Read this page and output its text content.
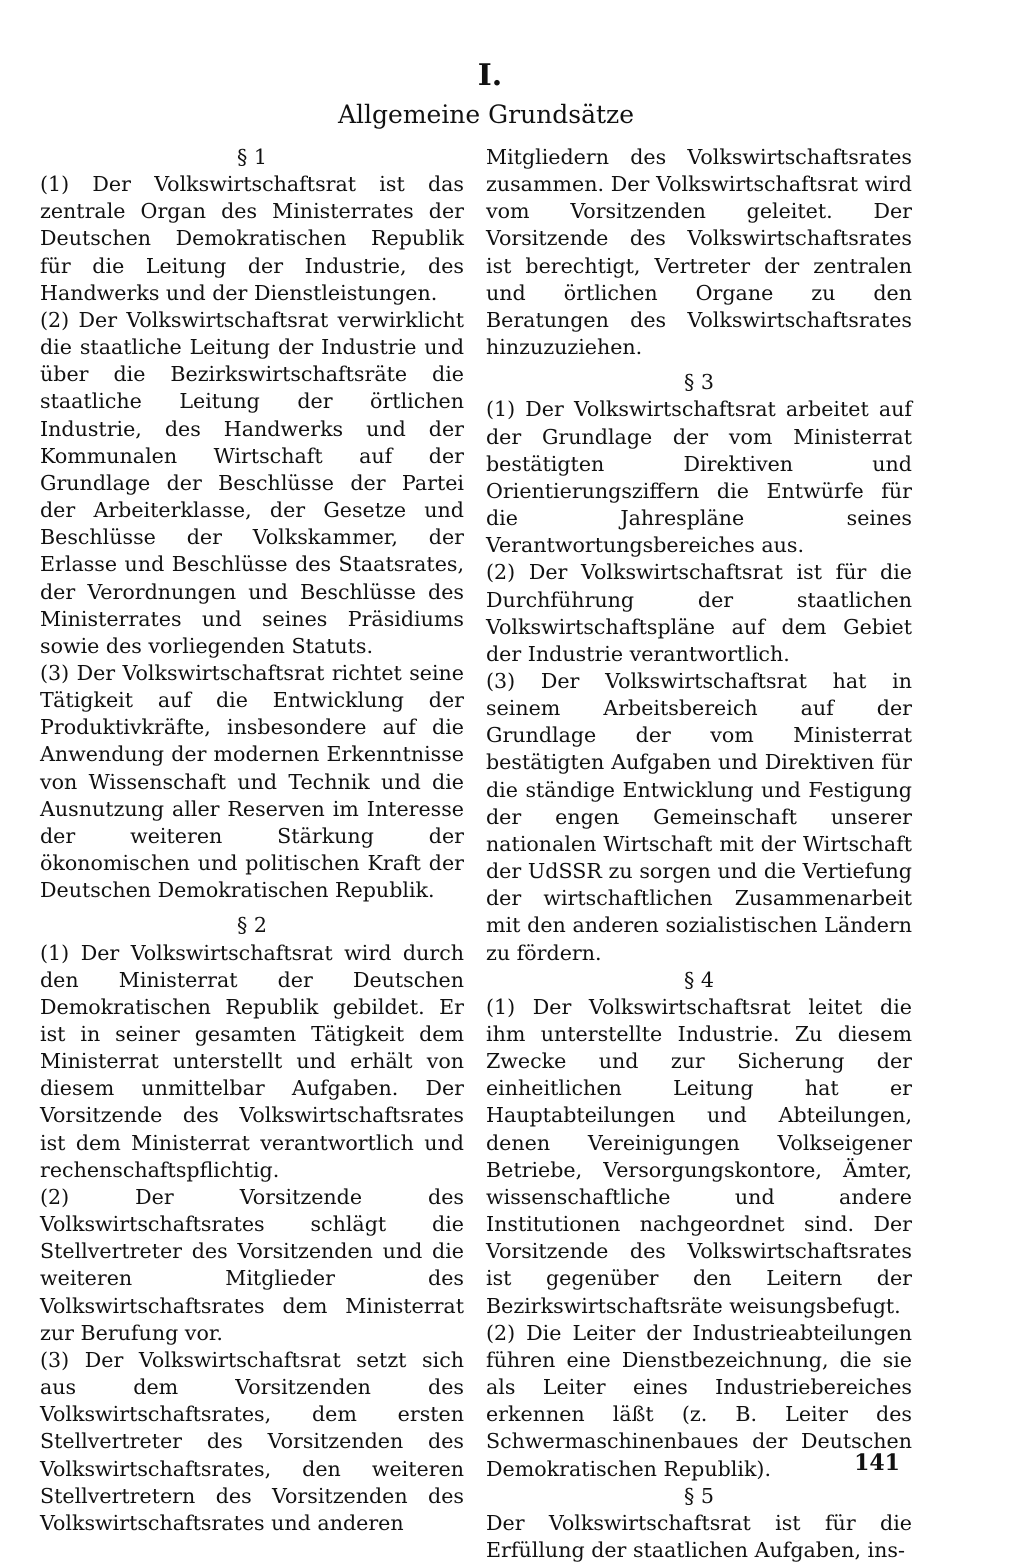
I.
Allgemeine Grundsätze

§ 1

(1) Der Volkswirtschaftsrat ist das zentrale Organ des Ministerrates der Deutschen Demokratischen Republik für die Leitung der Industrie, des Handwerks und der Dienstleistungen.

(2) Der Volkswirtschaftsrat verwirklicht die staatliche Leitung der Industrie und über die Bezirkswirtschaftsräte die staatliche Leitung der örtlichen Industrie, des Handwerks und der Kommunalen Wirtschaft auf der Grundlage der Beschlüsse der Partei der Arbeiterklasse, der Gesetze und Beschlüsse der Volkskammer, der Erlasse und Beschlüsse des Staatsrates, der Verordnungen und Beschlüsse des Ministerrates und seines Präsidiums sowie des vorliegenden Statuts.

(3) Der Volkswirtschaftsrat richtet seine Tätigkeit auf die Entwicklung der Produktivkräfte, insbesondere auf die Anwendung der modernen Erkenntnisse von Wissenschaft und Technik und die Ausnutzung aller Reserven im Interesse der weiteren Stärkung der ökonomischen und politischen Kraft der Deutschen Demokratischen Republik.

§ 2

(1) Der Volkswirtschaftsrat wird durch den Ministerrat der Deutschen Demokratischen Republik gebildet. Er ist in seiner gesamten Tätigkeit dem Ministerrat unterstellt und erhält von diesem unmittelbar Aufgaben. Der Vorsitzende des Volkswirtschaftsrates ist dem Ministerrat verantwortlich und rechenschaftspflichtig.

(2) Der Vorsitzende des Volkswirtschaftsrates schlägt die Stellvertreter des Vorsitzenden und die weiteren Mitglieder des Volkswirtschaftsrates dem Ministerrat zur Berufung vor.

(3) Der Volkswirtschaftsrat setzt sich aus dem Vorsitzenden des Volkswirtschaftsrates, dem ersten Stellvertreter des Vorsitzenden des Volkswirtschaftsrates, den weiteren Stellvertretern des Vorsitzenden des Volkswirtschaftsrates und anderen

Mitgliedern des Volkswirtschaftsrates zusammen. Der Volkswirtschaftsrat wird vom Vorsitzenden geleitet. Der Vorsitzende des Volkswirtschaftsrates ist berechtigt, Vertreter der zentralen und örtlichen Organe zu den Beratungen des Volkswirtschaftsrates hinzuzuziehen.

§ 3

(1) Der Volkswirtschaftsrat arbeitet auf der Grundlage der vom Ministerrat bestätigten Direktiven und Orientierungsziffern die Entwürfe für die Jahrespläne seines Verantwortungsbereiches aus.

(2) Der Volkswirtschaftsrat ist für die Durchführung der staatlichen Volkswirtschaftspläne auf dem Gebiet der Industrie verantwortlich.

(3) Der Volkswirtschaftsrat hat in seinem Arbeitsbereich auf der Grundlage der vom Ministerrat bestätigten Aufgaben und Direktiven für die ständige Entwicklung und Festigung der engen Gemeinschaft unserer nationalen Wirtschaft mit der Wirtschaft der UdSSR zu sorgen und die Vertiefung der wirtschaftlichen Zusammenarbeit mit den anderen sozialistischen Ländern zu fördern.

§ 4

(1) Der Volkswirtschaftsrat leitet die ihm unterstellte Industrie. Zu diesem Zwecke und zur Sicherung der einheitlichen Leitung hat er Hauptabteilungen und Abteilungen, denen Vereinigungen Volkseigener Betriebe, Versorgungskontore, Ämter, wissenschaftliche und andere Institutionen nachgeordnet sind. Der Vorsitzende des Volkswirtschaftsrates ist gegenüber den Leitern der Bezirkswirtschaftsräte weisungsbefugt.

(2) Die Leiter der Industrieabteilungen führen eine Dienstbezeichnung, die sie als Leiter eines Industriebereiches erkennen läßt (z. B. Leiter des Schwermaschinenbaues der Deutschen Demokratischen Republik).

§ 5

Der Volkswirtschaftsrat ist für die Erfüllung der staatlichen Aufgaben, ins-

141
